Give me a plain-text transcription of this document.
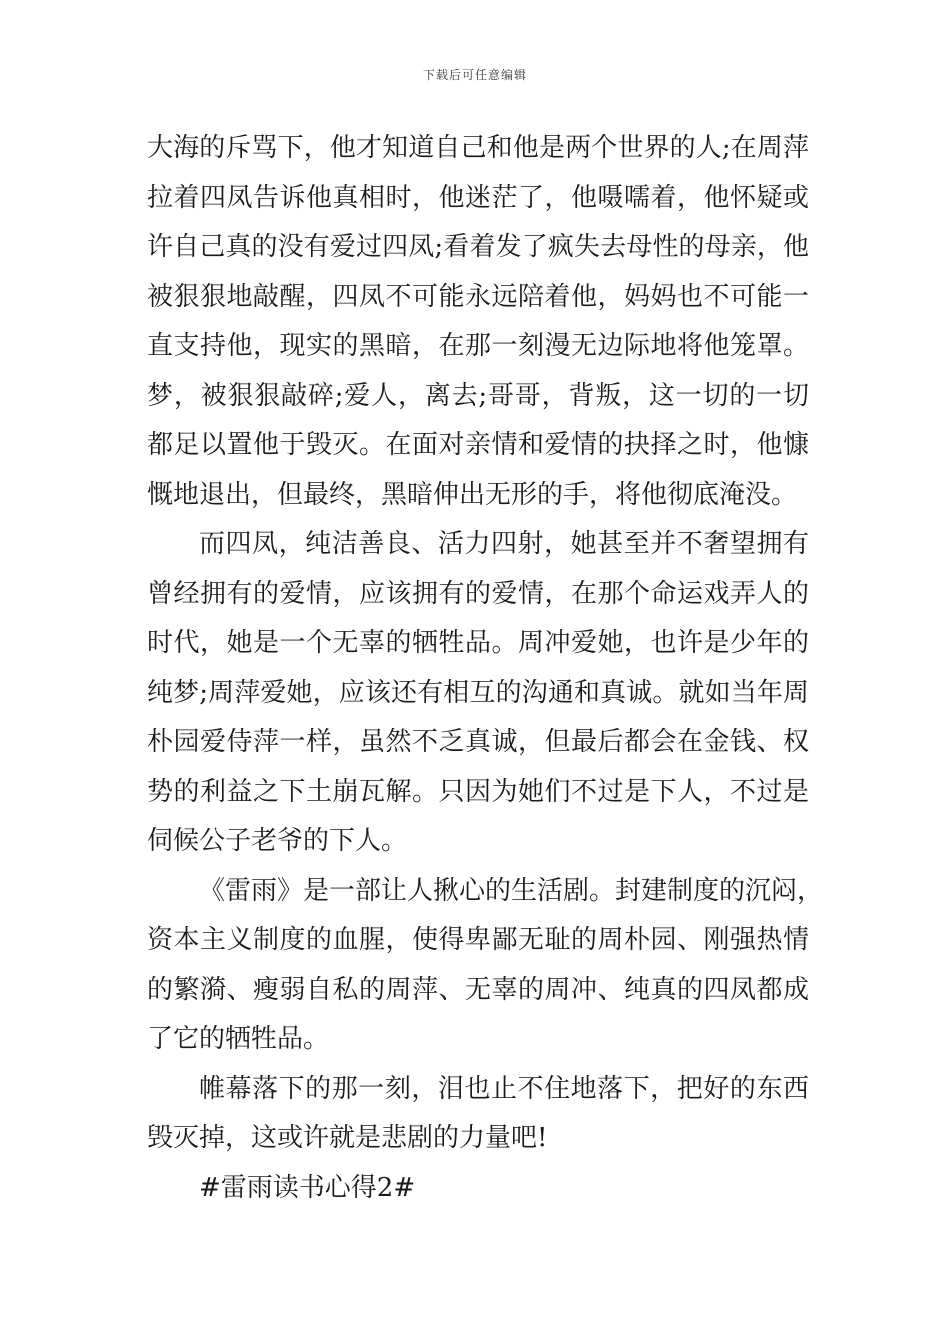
下载后可任意编辑
大海的斥骂下，他才知道自己和他是两个世界的人;在周萍
拉着四凤告诉他真相时，他迷茫了，他嗫嚅着，他怀疑或
许自己真的没有爱过四凤;看着发了疯失去母性的母亲，他
被狠狠地敲醒，四凤不可能永远陪着他，妈妈也不可能一
直支持他，现实的黑暗，在那一刻漫无边际地将他笼罩。
梦，被狠狠敲碎;爱人，离去;哥哥，背叛，这一切的一切
都足以置他于毁灭。在面对亲情和爱情的抉择之时，他慷
慨地退出，但最终，黑暗伸出无形的手，将他彻底淹没。
而四凤，纯洁善良、活力四射，她甚至并不奢望拥有
曾经拥有的爱情，应该拥有的爱情，在那个命运戏弄人的
时代，她是一个无辜的牺牲品。周冲爱她，也许是少年的
纯梦;周萍爱她，应该还有相互的沟通和真诚。就如当年周
朴园爱侍萍一样，虽然不乏真诚，但最后都会在金钱、权
势的利益之下土崩瓦解。只因为她们不过是下人，不过是
伺候公子老爷的下人。
《雷雨》是一部让人揪心的生活剧。封建制度的沉闷，
资本主义制度的血腥，使得卑鄙无耻的周朴园、刚强热情
的繁漪、瘦弱自私的周萍、无辜的周冲、纯真的四凤都成
了它的牺牲品。
帷幕落下的那一刻，泪也止不住地落下，把好的东西
毁灭掉，这或许就是悲剧的力量吧!
#雷雨读书心得2#
